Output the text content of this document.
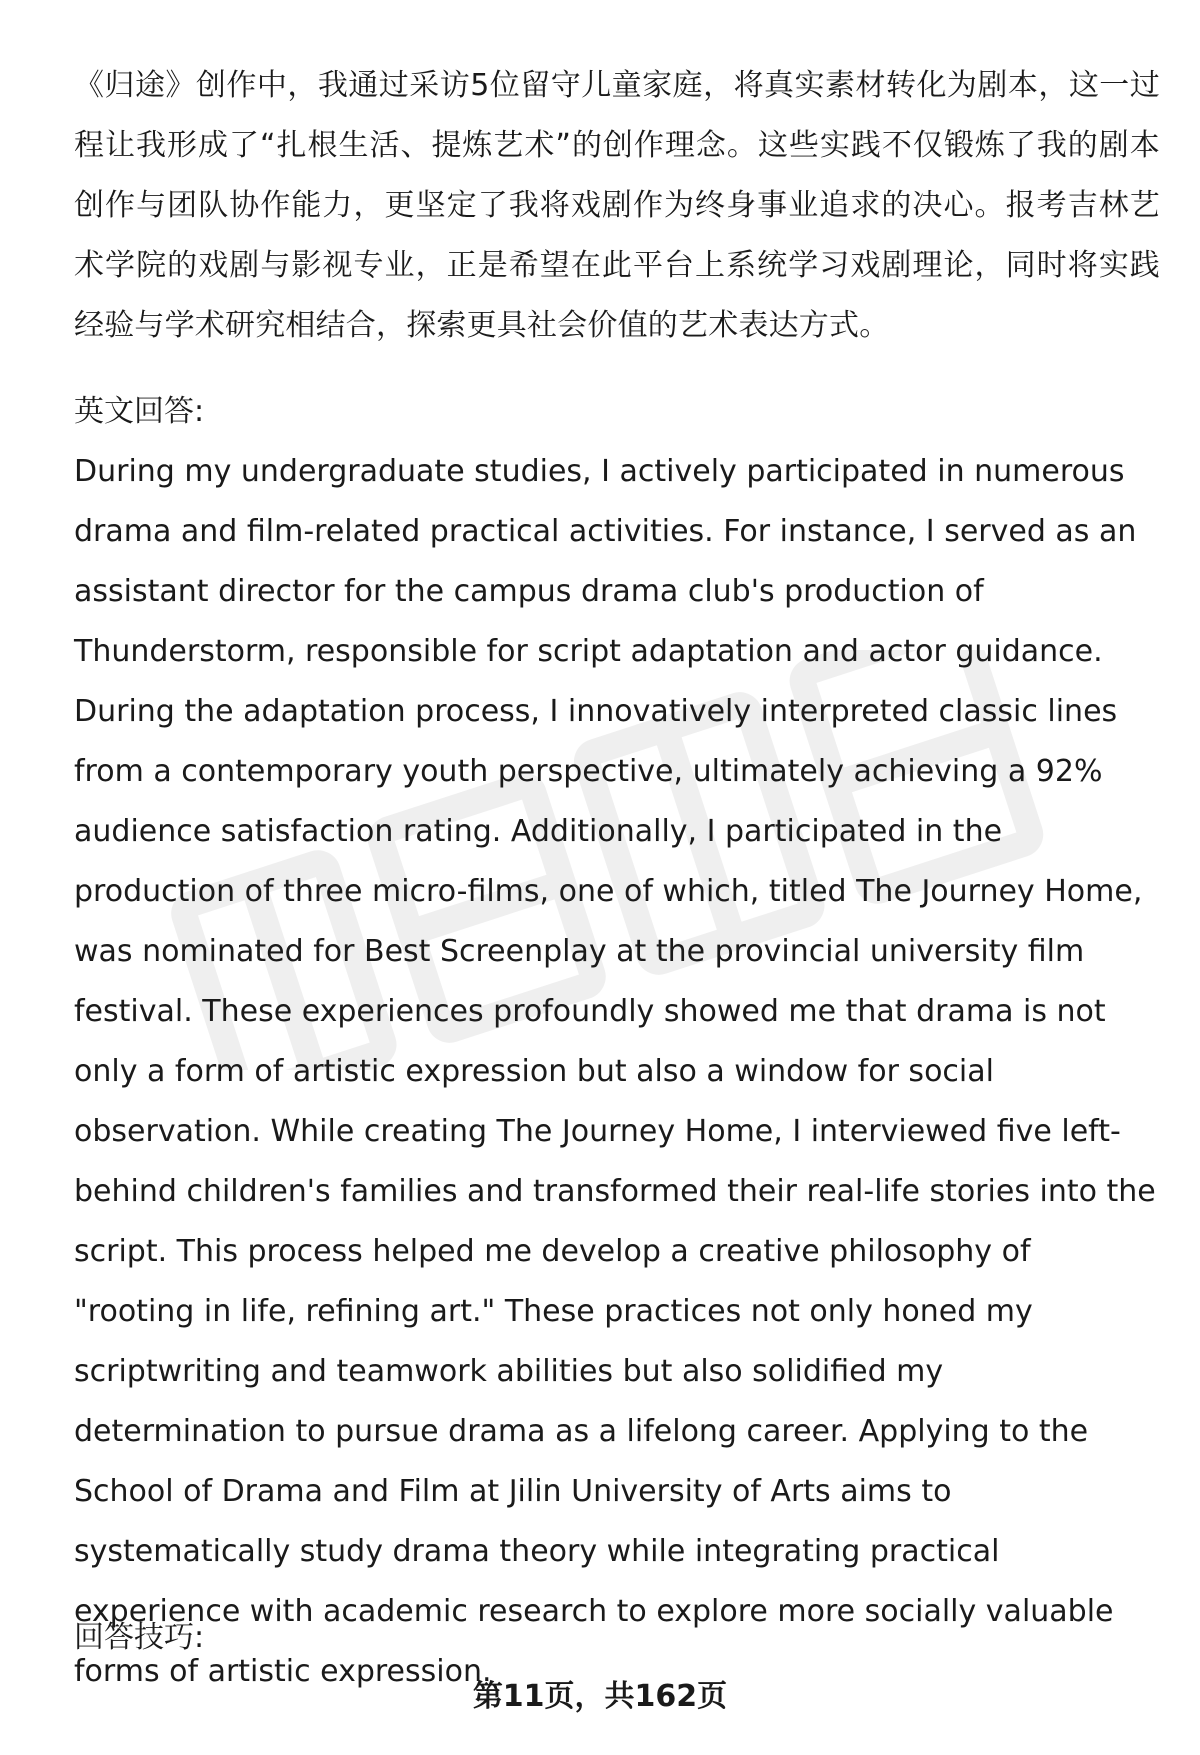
《归途》创作中，我通过采访5位留守儿童家庭，将真实素材转化为剧本，这一过程让我形成了“扎根生活、提炼艺术”的创作理念。这些实践不仅锻炼了我的剧本创作与团队协作能力，更坚定了我将戏剧作为终身事业追求的决心。报考吉林艺术学院的戏剧与影视专业，正是希望在此平台上系统学习戏剧理论，同时将实践经验与学术研究相结合，探索更具社会价值的艺术表达方式。

英文回答:

During my undergraduate studies, I actively participated in numerous drama and film-related practical activities. For instance, I served as an assistant director for the campus drama club's production of Thunderstorm, responsible for script adaptation and actor guidance. During the adaptation process, I innovatively interpreted classic lines from a contemporary youth perspective, ultimately achieving a 92% audience satisfaction rating. Additionally, I participated in the production of three micro-films, one of which, titled The Journey Home, was nominated for Best Screenplay at the provincial university film festival. These experiences profoundly showed me that drama is not only a form of artistic expression but also a window for social observation. While creating The Journey Home, I interviewed five left-behind children's families and transformed their real-life stories into the script. This process helped me develop a creative philosophy of "rooting in life, refining art." These practices not only honed my scriptwriting and teamwork abilities but also solidified my determination to pursue drama as a lifelong career. Applying to the School of Drama and Film at Jilin University of Arts aims to systematically study drama theory while integrating practical experience with academic research to explore more socially valuable forms of artistic expression.

回答技巧:

第11页，共162页
